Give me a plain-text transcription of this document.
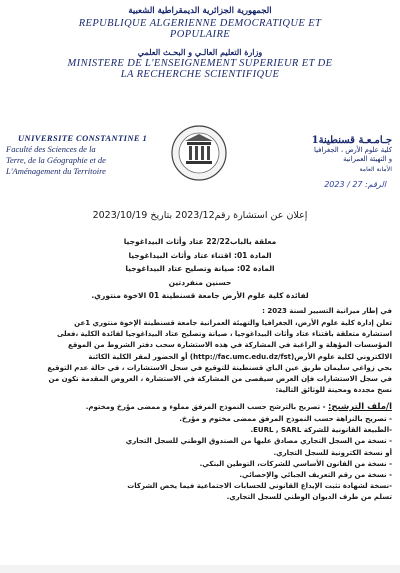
الجمهورية الجزائرية الديمقراطية الشعبية
REPUBLIQUE ALGERIENNE DEMOCRATIQUE ET
POPULAIRE
وزارة التعليم العالـي و البحـث العلمي
MINISTERE DE L'ENSEIGNEMENT SUPERIEUR ET DE
LA RECHERCHE SCIENTIFIQUE
UNIVERSITE CONSTANTINE 1
Faculté des Sciences de la
Terre, de la Géographie et de
L'Aménagement du Territoire
جـامـعـة قسنطينة1
كلية علوم الأرض ، الجغرافيا
و التهيئة العمرانية
الأمانة العامة
الرقم: 27 / 2023
إعلان عن استشارة رقم2023/12 بتاريخ 2023/10/19
معلقة بالباب22/22 عتاد وأثاث البيداغوجيا
المادة 01: اقتناء عتاد وأثاث البيداغوجيا
المادة 02: صيانة وتصليح عتاد البيداغوجيا
حسنين منفردتين
لفائدة كلية علوم الأرض جامعة قسنطينة 01 الاخوة منتوري.
في إطار ميزانية التسيير لسنة 2023 :
تعلن إدارة كلية علوم الأرض، الجغرافيا والتهيئة العمرانية جامعة قسنطينة الإخوة منتوري 1عن
استشارة متعلقة باقتناء عتاد وأثاث البيداغوجيا ، صيانة وتصليح عتاد البيداغوجيا لفائدة الكلية ،فعلى
المؤسسات المؤهلة و الراغبة في المشاركة في هذه الاستشارة سحب دفتر الشروط من الموقع
الالكتروني لكلية علوم الأرض(http://fac.umc.edu.dz/fst) أو الحضور لمقر الكلية الكائنة
بحي زواغي سليمان طريق عين الباي قسنطينة للتوقيع في سجل الاستشارات ، في حالة عدم التوقيع
في سجل الاستشارات فإن العرض سيقصى من المشاركة في الاستشارة ، العروض المقدمة تكون من
نسخ مجددة ومحينة للوثائق التالية:
ا/ملف الترشيح: - تصريح بالترشح حسب النموذج المرفق مملوء و ممضى مؤرخ ومختوم.
- تصريح بالنزاهة حسب النموذج المرفق ممضى مختوم و مؤرخ.
-الطبيعة القانونية للشركة EURL , SARL.
- نسخة من السجل التجاري مصادق عليها من الصندوق الوطني للسجل التجاري
أو نسخة الكترونية للسجل التجاري.
- نسخة من القانون الأساسي للشركات، التوطين البنكي.
- نسخة من رقم التعريف الجبائي والإحصائي.
-نسخة لشهادة تثبت الإيداع القانوني للحسابات الاجتماعية فيما يخص الشركات
تسلم من طرف الديوان الوطني للسجل التجاري.
